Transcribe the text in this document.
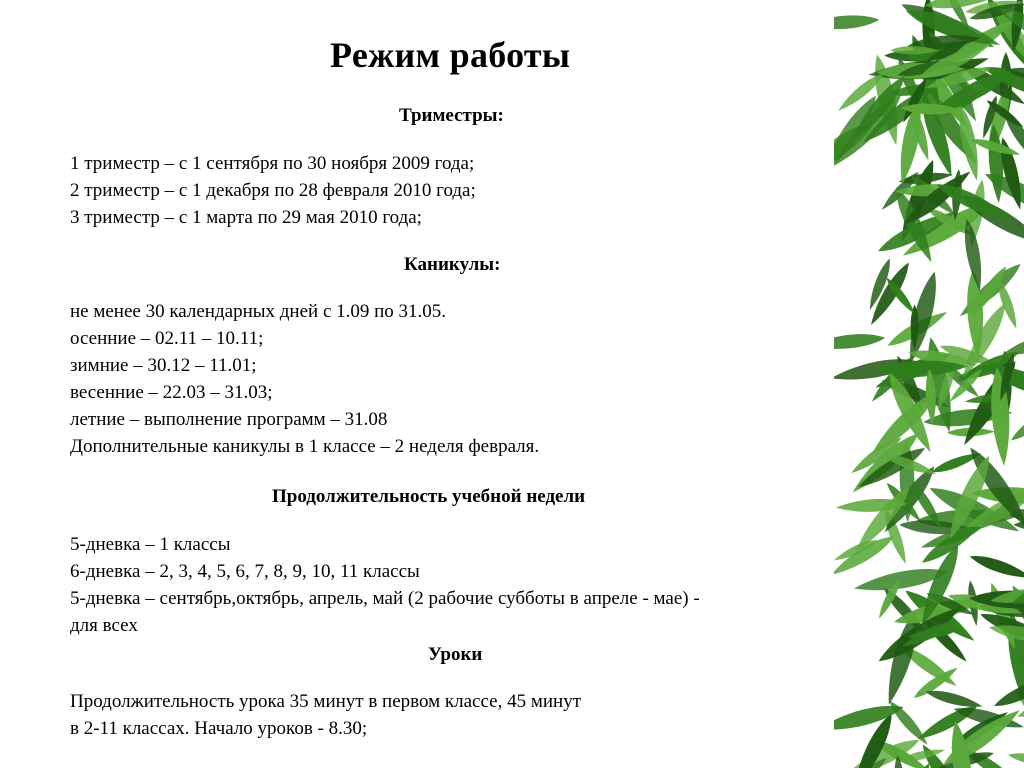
Режим работы
Триместры:
1 триместр – с 1 сентября по 30 ноября 2009 года;
2 триместр – с 1 декабря по 28 февраля 2010 года;
3 триместр – с 1 марта по 29 мая 2010 года;
Каникулы:
не менее 30 календарных дней с 1.09 по 31.05.
осенние – 02.11 – 10.11;
зимние – 30.12 – 11.01;
весенние – 22.03 – 31.03;
летние – выполнение программ – 31.08
Дополнительные каникулы в 1 классе – 2 неделя февраля.
Продолжительность учебной недели
5-дневка – 1 классы
6-дневка – 2, 3, 4, 5, 6, 7, 8, 9, 10, 11 классы
5-дневка – сентябрь,октябрь, апрель, май (2 рабочие субботы в апреле - мае) -
для всех
Уроки
Продолжительность урока 35 минут в первом классе, 45 минут
в 2-11 классах. Начало уроков - 8.30;
